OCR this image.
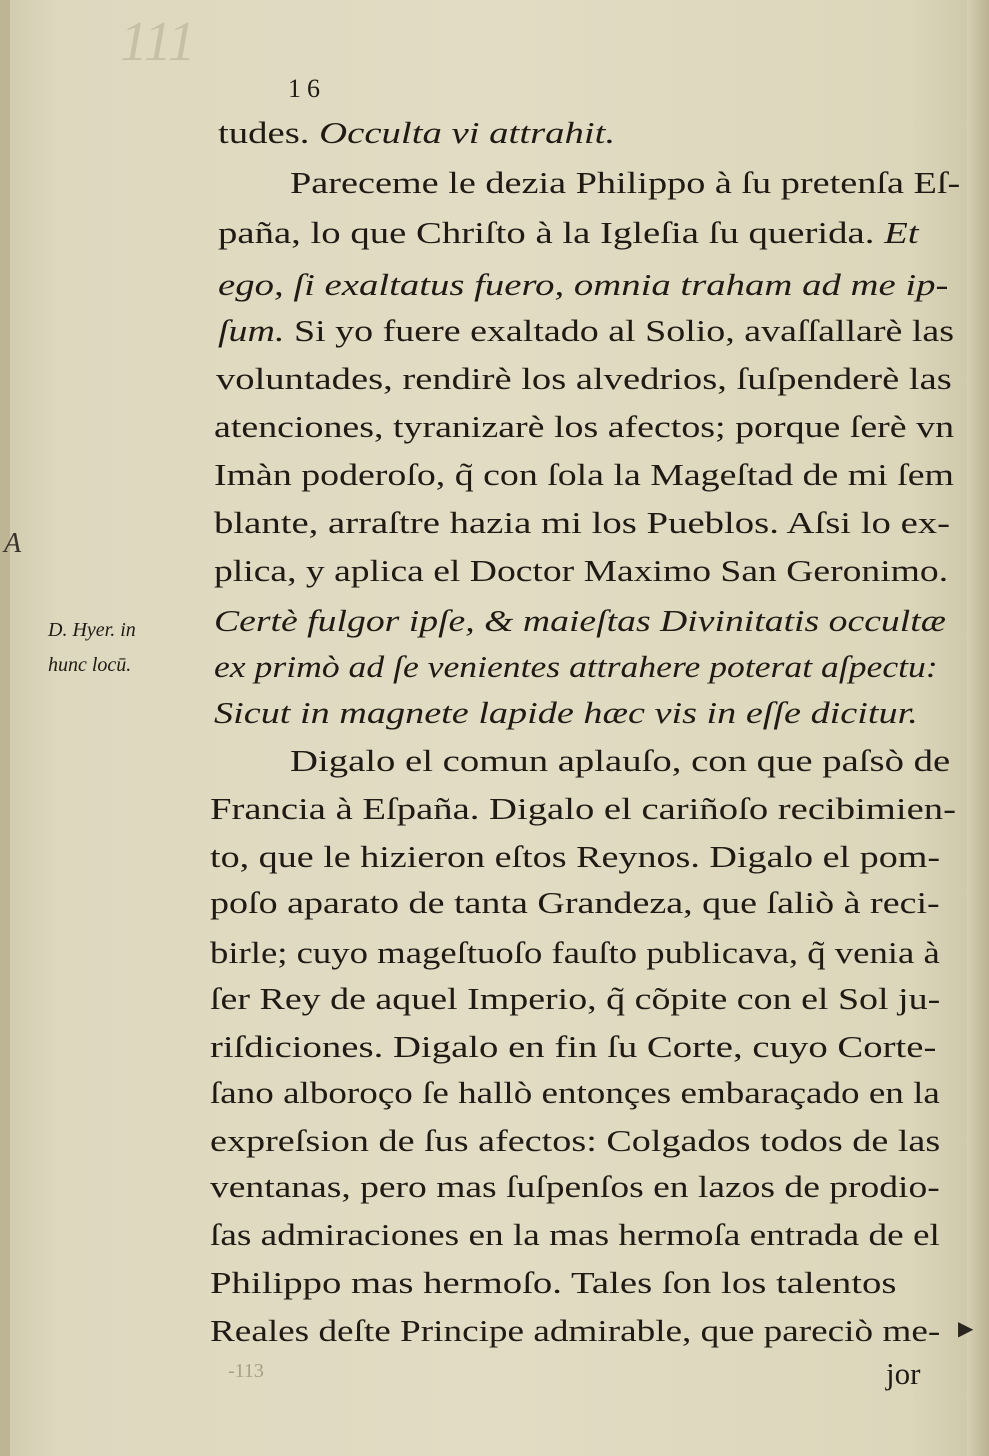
111
16
tudes. Occulta vi attrahit.
Pareceme le dezia Philippo à ſu pretenſa Eſ-
paña, lo que Chriſto à la Igleſia ſu querida. Et
ego, ſi exaltatus fuero, omnia traham ad me ip-
ſum. Si yo fuere exaltado al Solio, avaſſallarè las
voluntades, rendirè los alvedrios, ſuſpenderè las
atenciones, tyranizarè los afectos; porque ſerè vn
Imàn poderoſo, q̃ con ſola la Mageſtad de mi ſem
blante, arraſtre hazia mi los Pueblos. Aſsi lo ex-
plica, y aplica el Doctor Maximo San Geronimo.
Certè fulgor ipſe, & maieſtas Divinitatis occultæ
ex primò ad ſe venientes attrahere poterat aſpectu:
Sicut in magnete lapide hæc vis in eſſe dicitur.
Digalo el comun aplauſo, con que paſsò de
Francia à Eſpaña. Digalo el cariñoſo recibimien-
to, que le hizieron eſtos Reynos. Digalo el pom-
poſo aparato de tanta Grandeza, que ſaliò à reci-
birle; cuyo mageſtuoſo fauſto publicava, q̃ venia à
ſer Rey de aquel Imperio, q̃ cõpite con el Sol ju-
riſdiciones. Digalo en fin ſu Corte, cuyo Corte-
ſano alboroço ſe hallò entonçes embaraçado en la
expreſsion de ſus afectos: Colgados todos de las
ventanas, pero mas ſuſpenſos en lazos de prodio-
ſas admiraciones en la mas hermoſa entrada de el
Philippo mas hermoſo. Tales ſon los talentos
Reales deſte Principe admirable, que pareciò me-
A
D. Hyer. in
hunc locū.
jor
▶
-113
